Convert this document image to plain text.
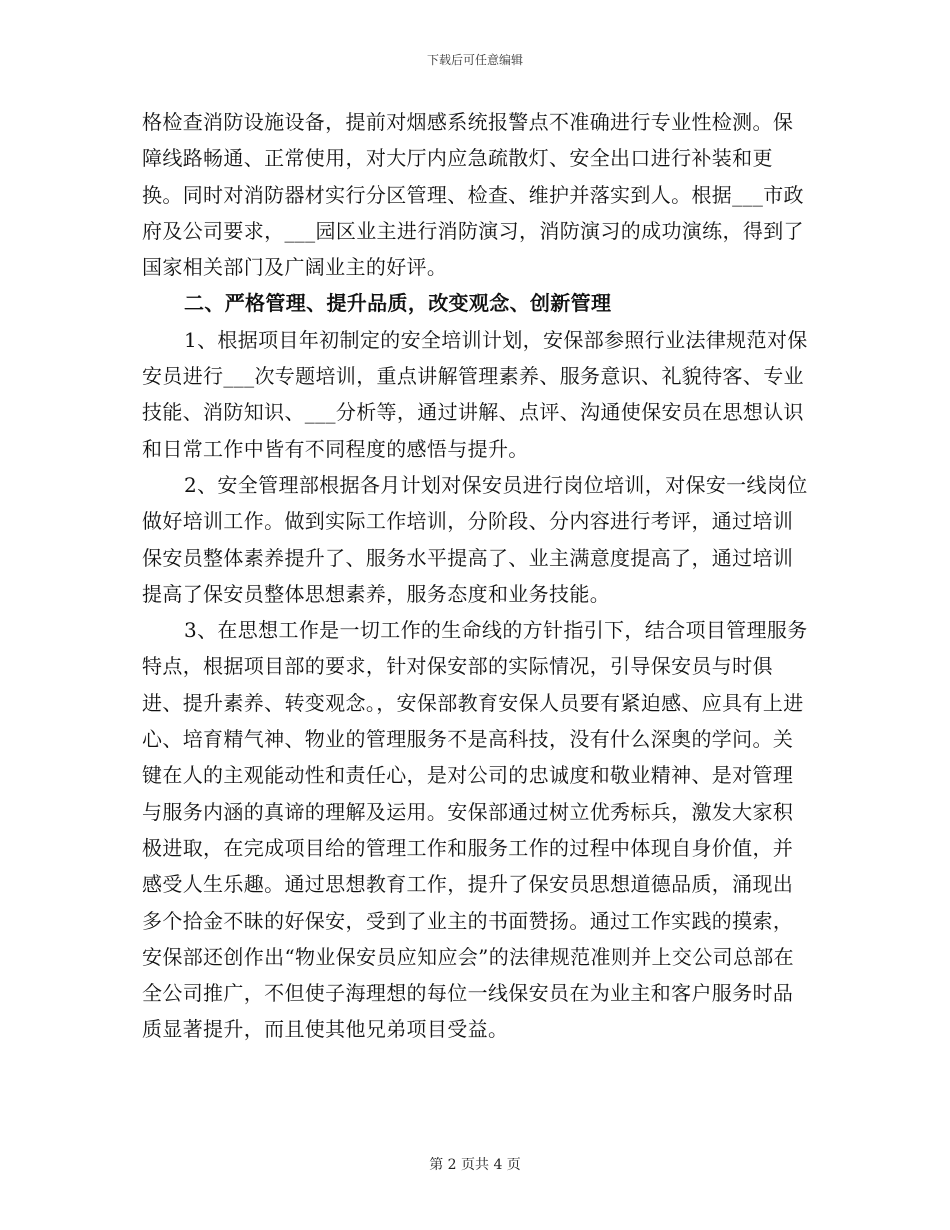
下载后可任意编辑

格检查消防设施设备，提前对烟感系统报警点不准确进行专业性检测。保障线路畅通、正常使用，对大厅内应急疏散灯、安全出口进行补装和更换。同时对消防器材实行分区管理、检查、维护并落实到人。根据___市政府及公司要求，___园区业主进行消防演习，消防演习的成功演练，得到了国家相关部门及广阔业主的好评。

二、严格管理、提升品质，改变观念、创新管理

1、根据项目年初制定的安全培训计划，安保部参照行业法律规范对保安员进行___次专题培训，重点讲解管理素养、服务意识、礼貌待客、专业技能、消防知识、___分析等，通过讲解、点评、沟通使保安员在思想认识和日常工作中皆有不同程度的感悟与提升。

2、安全管理部根据各月计划对保安员进行岗位培训，对保安一线岗位做好培训工作。做到实际工作培训，分阶段、分内容进行考评，通过培训保安员整体素养提升了、服务水平提高了、业主满意度提高了，通过培训提高了保安员整体思想素养，服务态度和业务技能。

3、在思想工作是一切工作的生命线的方针指引下，结合项目管理服务特点，根据项目部的要求，针对保安部的实际情况，引导保安员与时俱进、提升素养、转变观念。，安保部教育安保人员要有紧迫感、应具有上进心、培育精气神、物业的管理服务不是高科技，没有什么深奥的学问。关键在人的主观能动性和责任心，是对公司的忠诚度和敬业精神、是对管理与服务内涵的真谛的理解及运用。安保部通过树立优秀标兵，激发大家积极进取，在完成项目给的管理工作和服务工作的过程中体现自身价值，并感受人生乐趣。通过思想教育工作，提升了保安员思想道德品质，涌现出多个拾金不昧的好保安，受到了业主的书面赞扬。通过工作实践的摸索，安保部还创作出“物业保安员应知应会”的法律规范准则并上交公司总部在全公司推广，不但使子海理想的每位一线保安员在为业主和客户服务时品质显著提升，而且使其他兄弟项目受益。

第 2 页共 4 页
